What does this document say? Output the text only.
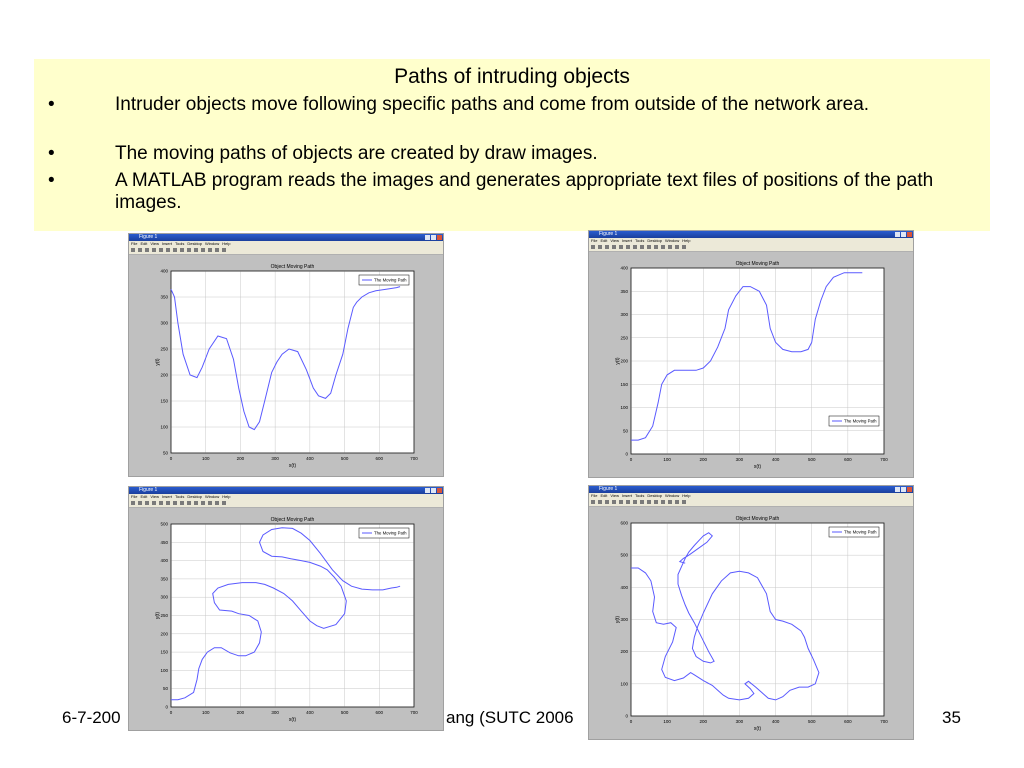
Paths of intruding objects
•	Intruder objects move following specific paths and come from outside of the network area.
•	The moving paths of objects are created by draw images.
•	A MATLAB program reads the images and generates appropriate text files of positions of the path images.
6-7-200	ang (SUTC 2006	35
Figure 1
File Edit View Insert Tools Desktop Window Help
0	100	200	300	400	500	600	700
50
100
150
200
250
300
350
400
Object Moving Path
x(t)
y(t)
The Moving Path
Figure 1
File Edit View Insert Tools Desktop Window Help
0	100	200	300	400	500	600	700
0
50
100
150
200
250
300
350
400
Object Moving Path
x(t)
y(t)
The Moving Path
Figure 1
File Edit View Insert Tools Desktop Window Help
0	100	200	300	400	500	600	700
0
50
100
150
200
250
300
350
400
450
500
Object Moving Path
x(t)
y(t)
The Moving Path
Figure 1
File Edit View Insert Tools Desktop Window Help
0	100	200	300	400	500	600	700
0
100
200
300
400
500
600
Object Moving Path
x(t)
y(t)
The Moving Path
